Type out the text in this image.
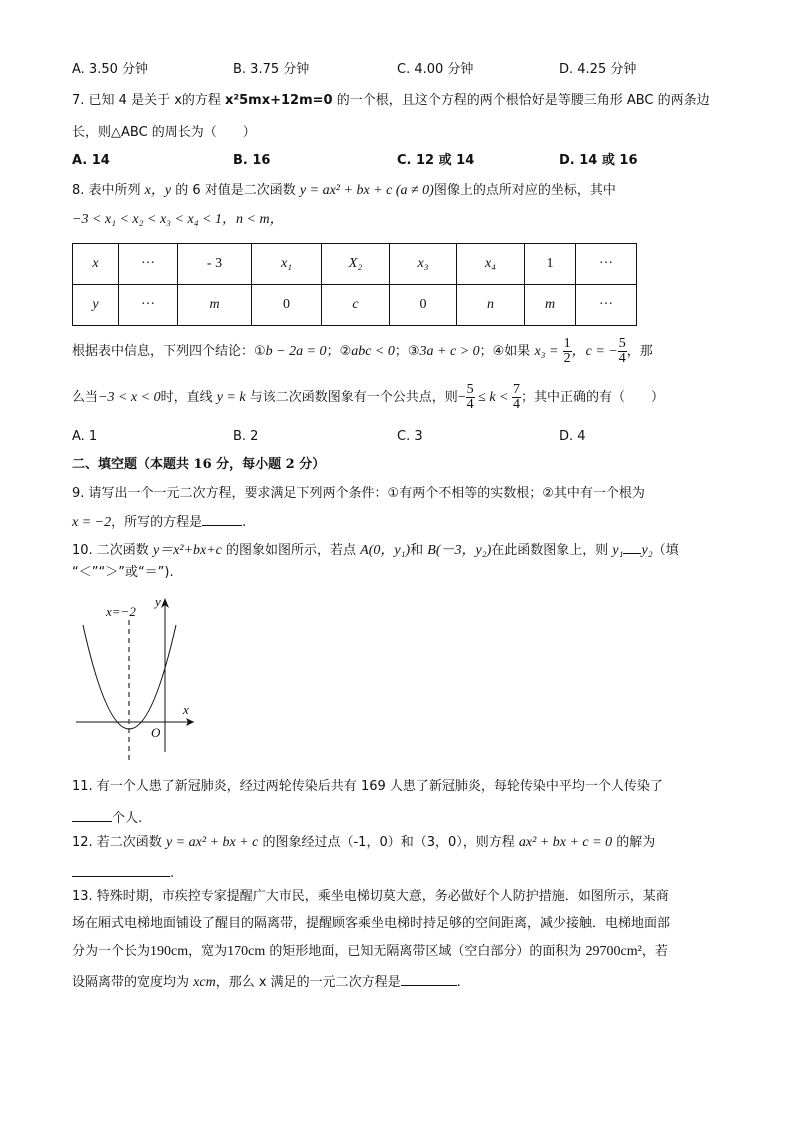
A. 3.50 分钟	B. 3.75 分钟	C. 4.00 分钟	D. 4.25 分钟
7. 已知 4 是关于 x的方程 x²5mx+12m=0 的一个根，且这个方程的两个根恰好是等腰三角形 ABC 的两条边
长，则△ABC 的周长为（　　）
A. 14	B. 16	C. 12 或 14	D. 14 或 16
8. 表中所列 x，y 的 6 对值是二次函数 y = ax² + bx + c (a ≠ 0)图像上的点所对应的坐标，其中
−3 < x₁ < x₂ < x₃ < x₄ < 1，n < m，
x	···	- 3	x₁	X₂	x₃	x₄	1	···
y	···	m	0	c	0	n	m	···
根据表中信息，下列四个结论：①b − 2a = 0；②abc < 0；③3a + c > 0；④如果 $x_3 = \frac{1}{2}$ ，c = − $\frac{5}{4}$ ，那
么当−3 < x < 0时，直线 y = k 与该二次函数图象有一个公共点，则− $\frac{5}{4} \le k < \frac{7}{4}$ ；其中正确的有（　　）
A. 1	B. 2	C. 3	D. 4
二、填空题（本题共 16 分，每小题 2 分）
9. 请写出一个一元二次方程，要求满足下列两个条件：①有两个不相等的实数根；②其中有一个根为
x = −2，所写的方程是	.
10. 二次函数 y＝x²+bx+c 的图象如图所示，若点 A(0，y₁)和 B(－3，y₂)在此函数图象上，则 y₁ y₂（填
“＜”“＞”或“＝”).
x=−2
x
y
O
11. 有一个人患了新冠肺炎，经过两轮传染后共有 169 人患了新冠肺炎，每轮传染中平均一个人传染了
个人.
12. 若二次函数 y = ax² + bx + c 的图象经过点（-1，0）和（3，0），则方程 ax² + bx + c = 0 的解为
.
13. 特殊时期，市疾控专家提醒广大市民，乘坐电梯切莫大意，务必做好个人防护措施．如图所示，某商
场在厢式电梯地面铺设了醒目的隔离带，提醒顾客乘坐电梯时持足够的空间距离，减少接触．电梯地面部
分为一个长为190cm，宽为170cm 的矩形地面，已知无隔离带区域（空白部分）的面积为 29700cm²，若
设隔离带的宽度均为 xcm，那么 x 满足的一元二次方程是	.
